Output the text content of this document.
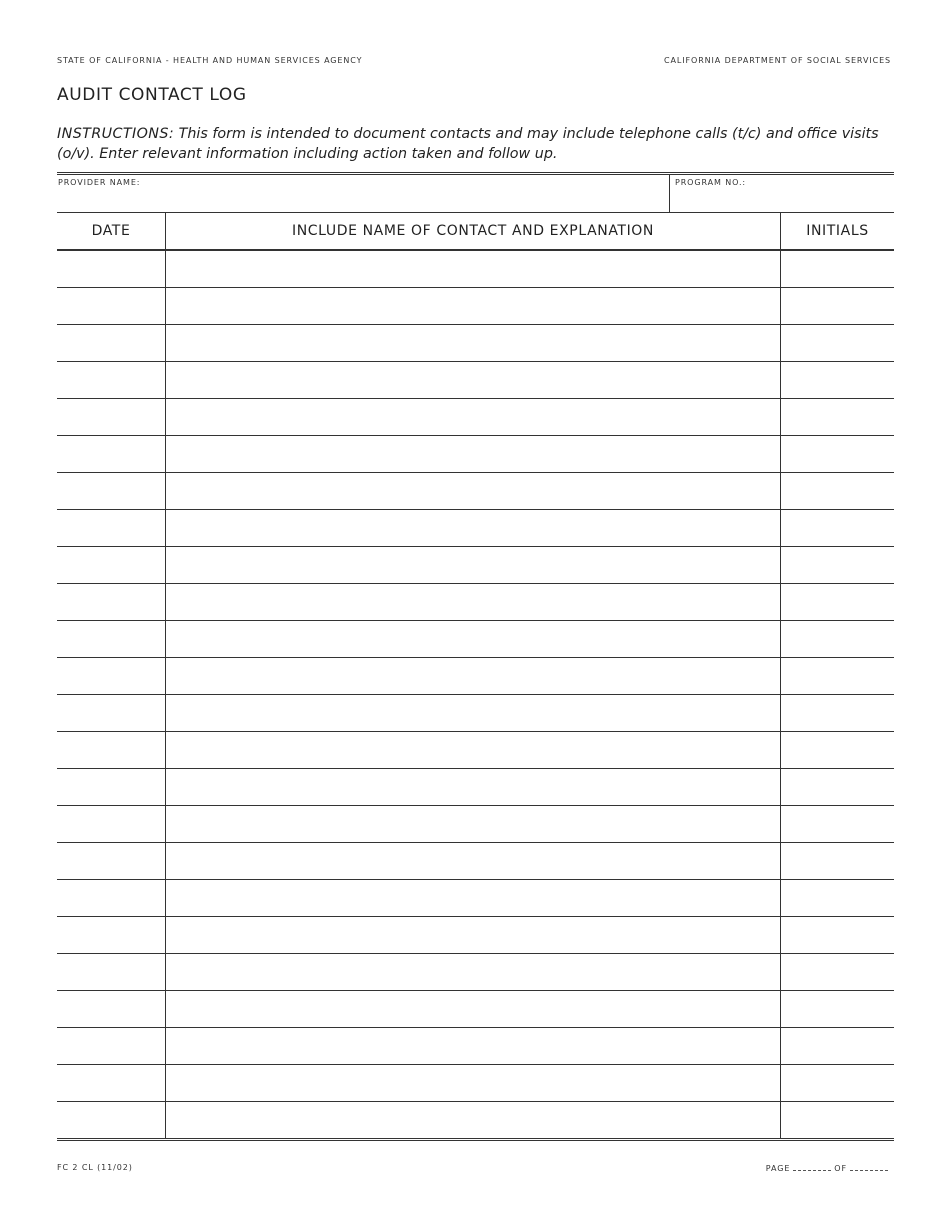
STATE OF CALIFORNIA - HEALTH AND HUMAN SERVICES AGENCY	CALIFORNIA DEPARTMENT OF SOCIAL SERVICES
AUDIT CONTACT LOG
INSTRUCTIONS: This form is intended to document contacts and may include telephone calls (t/c) and office visits (o/v). Enter relevant information including action taken and follow up.
PROVIDER NAME:	PROGRAM NO.:
DATE	INCLUDE NAME OF CONTACT AND EXPLANATION	INITIALS

FC 2 CL (11/02)	PAGE	OF
